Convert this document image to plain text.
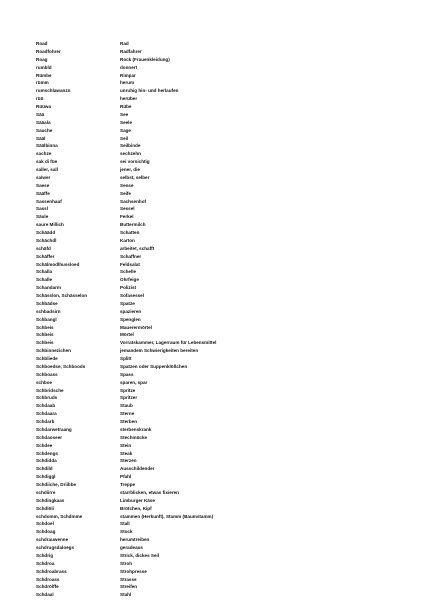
Road	Rad
Roadfohrer	Radfahrer
Roag	Rock (Frauenkleidung)
rumbld	donnert
Rümbe	Rimpar
rümm	herum
rumschlawanzn	unruhig hin- und herlaufen
rüü	herüber
Rüüwa	Rübe
Sää	See
Sääala	Seele
Sauche	Sage
Sääl	Seil
Säälbinna	Seilbinde
sachze	sechzehn
sak di füe	sei vorsichtig
saller, sall	jener, die
salwer	selbst, selber
Saese	Sense
Sääffe	Seife
Sassenhauf	Sachsenhof
Sassl	Sessel
Säule	Ferkel
saure Millich	Buttermilch
Schäädd	Schatten
Schächdl	Karton
schäfd	arbeitet, schafft
Schäffer	Schaffner
Schälmodlhussloed	Feldsalat
Schalla	Schelle
Schalle	Ohrfeige
Schandarm	Polizist
Schässlon, Schässelon	Sofasessel
Schbädse	Spatze
schbadsirn	spazieren
Schbangl	Spenglen
Schbeis	Mauerermörtel
Schbeis	Mörtel
Schbeis	Vorratskammer, Lagerraum für Lebensmittel
Schbinnezichen	jemandem Schwierigkeiten bereiten
Schbliede	Splitt
Schboedse, Schboods	Spatzen oder Suppenklößchen
Schboass	Spass
schboe	sparen, spar
Schbridsche	Spritze
Schbruds	Spritzer
Schdaab	Staub
Schdaara	Sterne
Schdarb	Sterben
Schdarwetraang	sterbenskrank
Schdaoseer	Stechmücke
Schdee	Stein
Schdengs	Steak
Schdidda	Sterzen
Schdild	Ausschildender
Schdiggl	Pfahl
Schdiiche, Driibbe	Treppe
schdiirre	starrblicken, etwas fixieren
Schdingkaas	Limburger Käse
Schdlöli	Brötchen, Kipf
schdomm, Schdmme	stammen (Herkunft), Stamm (Baumstamm)
Schdoel	Stall
Schdoag	Stock
schdrauwenne	herumtreiben
schdrugsdaloegs	geradeaus
Schdrig	Strick, dickes Seil
Schdroa	Stroh
Schdroabrass	Strohpresse
Schdroass	Strasse
Schdrölffe	Streifen
Schdaal	Stahl
